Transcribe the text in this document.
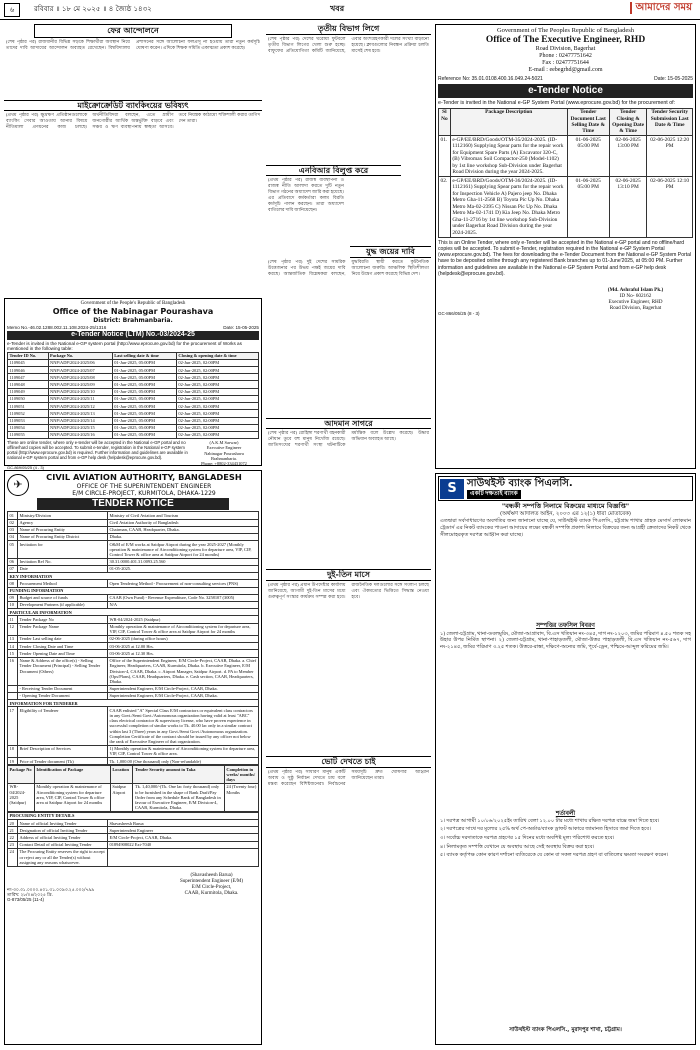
৬	রবিবার ॥ ১৮ মে ২০২৫ ॥ ৪ জ্যৈষ্ঠ ১৪৩২	খবর	আমাদের সময়
ফের আন্দোলনে
(শেষ পৃষ্ঠার পর) রাজধানীর বিভিন্ন সড়কে শিক্ষার্থীরা অবস্থান নিয়ে তাদের দাবি আদায়ের আন্দোলন অব্যাহত রেখেছেন। বিশ্ববিদ্যালয় প্রশাসনের সঙ্গে আলোচনা ফলপ্রসূ না হওয়ায় তারা নতুন কর্মসূচি ঘোষণা করেন। এদিকে শিক্ষক সমিতি একাত্মতা প্রকাশ করেছে।
মাইক্রোক্রেডিট ব্যাংকিংয়ের ভবিষ্যৎ
(প্রথম পৃষ্ঠার পর) ক্ষুদ্রঋণ প্রতিষ্ঠানগুলোকে ব্যাংকিং সেবার আওতায় আনার বিষয়ে নীতিমালা প্রণয়নের কাজ চলছে। অর্থনীতিবিদরা বলছেন, এতে গ্রামীণ জনগোষ্ঠীর আর্থিক অন্তর্ভুক্তি বাড়বে এবং সঞ্চয় ও ঋণ ব্যবস্থাপনায় স্বচ্ছতা আসবে। তবে নিয়ন্ত্রক কাঠামো শক্তিশালী করার তাগিদ দেন তারা।
Government of the People's Republic of Bangladesh
Office of the Nabinagar Pourashava
District: Brahmanbaria.
Memo No.-46.02.1288.002.11.108.2024-25/1316	Date: 15-05-2025
e-Tender Notice (LTM) No.-03/2024-25
e-Tender is invited in the National e-GP system portal (http://www.eprocure.gov.bd) for the procurement of Works as mentioned in the following table:
Tender ID No.	Package No.	Last selling date & time	Closing & opening date & time
1109045	NNP/ADP/2024-2025/06	01-Jun-2025, 05:00PM	02-Jun-2025, 02:00PM
1109046	NNP/ADP/2024-2025/07	01-Jun-2025, 05:00PM	02-Jun-2025, 02:00PM
1109047	NNP/ADP/2024-2025/08	01-Jun-2025, 05:00PM	02-Jun-2025, 02:00PM
1109048	NNP/ADP/2024-2025/09	01-Jun-2025, 05:00PM	02-Jun-2025, 02:00PM
1109049	NNP/ADP/2024-2025/10	01-Jun-2025, 05:00PM	02-Jun-2025, 02:00PM
1109050	NNP/ADP/2024-2025/11	01-Jun-2025, 05:00PM	02-Jun-2025, 02:00PM
1109051	NNP/ADP/2024-2025/12	01-Jun-2025, 05:00PM	02-Jun-2025, 02:00PM
1109052	NNP/ADP/2024-2025/13	01-Jun-2025, 05:00PM	02-Jun-2025, 02:00PM
1109053	NNP/ADP/2024-2025/14	01-Jun-2025, 05:00PM	02-Jun-2025, 02:00PM
1109054	NNP/ADP/2024-2025/15	01-Jun-2025, 05:00PM	02-Jun-2025, 02:00PM
1109055	NNP/ADP/2024-2025/16	01-Jun-2025, 05:00PM	02-Jun-2025, 02:00PM
These are online tender, where only e-tender will be accepted in the National e-GP portal and no offline/hard copies will be accepted. To submit e-tender, registration in the National e-GP system portal (http://www.eprocure.gov.bd) is required. Further information and guidelines are available in national e-GP system portal and from e-GP help desk (helpdesk@eprocure.gov.bd).
(A.K.M Sarwar)
Executive Engineer
Nabinagar Pourashava
Brahmanbaria.
Phone: +8802-334431072
GC-869/05/25 (4 - 3)
তৃতীয় বিভাগ লিগে
(শেষ পৃষ্ঠার পর) দেশের ঘরোয়া ফুটবলে তৃতীয় বিভাগ লিগের খেলা শুরু হচ্ছে। বাফুফের প্রতিযোগিতা কমিটি জানিয়েছে, এবার অংশগ্রহণকারী দলের সংখ্যা বাড়ানো হয়েছে। ক্লাবগুলোর নিবন্ধন প্রক্রিয়া চলতি মাসেই শেষ হবে।
এনবিআর বিলুপ্ত করে
(প্রথম পৃষ্ঠার পর) রাজস্ব ব্যবস্থাপনা ও রাজস্ব নীতি আলাদা করতে দুটি নতুন বিভাগ গঠনের অধ্যাদেশ জারি করা হয়েছে। এর প্রতিবাদে কর্মকর্তারা কলম বিরতি কর্মসূচি পালন করছেন। তারা অধ্যাদেশ বাতিলের দাবি জানিয়েছেন।
যুদ্ধ জয়ের দাবি
(শেষ পৃষ্ঠার পর) দুই দেশের সামরিক উত্তেজনার পর উভয় পক্ষই জয়ের দাবি করছে। আন্তর্জাতিক বিশ্লেষকরা বলছেন, যুদ্ধবিরতি স্থায়ী করতে কূটনৈতিক আলোচনা জরুরি। আঞ্চলিক স্থিতিশীলতা নিয়ে উদ্বেগ প্রকাশ করেছে বিভিন্ন দেশ।
আদমান সাগরে
(শেষ পৃষ্ঠার পর) রোহিঙ্গা শরণার্থী বহনকারী নৌযান ডুবে বহু মানুষ নিখোঁজ রয়েছে। জাতিসংঘের শরণার্থী সংস্থা ঘটনাটিকে মর্মান্তিক বলে উল্লেখ করেছে। উদ্ধার অভিযান অব্যাহত আছে।
দুই-তিন মাসে
(প্রথম পৃষ্ঠার পর) প্রধান উপদেষ্টার কার্যালয় জানিয়েছে, আগামী দুই-তিন মাসের মধ্যে গুরুত্বপূর্ণ সংস্কার কার্যক্রম সম্পন্ন করা হবে। রাজনৈতিক দলগুলোর সঙ্গে সংলাপ চলছে এবং ঐকমত্যের ভিত্তিতে সিদ্ধান্ত নেওয়া হবে।
ভোট দেখতে চাই
(প্রথম পৃষ্ঠার পর) সাধারণ মানুষ একটি অবাধ ও সুষ্ঠু নির্বাচন দেখতে চায় বলে মন্তব্য করেছেন বিশিষ্টজনেরা। নির্বাচনের সময়সূচি দ্রুত ঘোষণার আহ্বান জানিয়েছেন তারা।
Government of The Peoples Republic of Bangladesh
Office of The Executive Engineer, RHD
Road Division, Bagerhat
Phone : 02477751642
Fax : 02477751644
E-mail : eebegrhd@gmail.com
Reference No: 35.01.0108.400.16.049.24-5021	Date: 15-05-2025
e-Tender Notice
e-Tender is invited in the National e-GP System Portal (www.eprocure.gov.bd) for the procurement of:
Sl No	Package Description	Tender Document Last Selling Date & Time	Tender Closing & Opening Date & Time	Tender Security Submission Last Date & Time
01.	e-GP/EE/BRD/Goods/OTM-35/2024-2025. (ID-1112160) Supplying Spear parts for the repair work for Equipment Spare Parts (A) Excavator 320-C, (B) Vibromax Soil Compactor-250 (Model-1102) by 1st line workshop Sub-Division under Bagerhat Road Division during the year 2024-2025.	01-06-2025 05:00 PM	02-06-2025 13:00 PM	02-06-2025 12:20 PM
02.	e-GP/EE/BRD/Goods/OTM-36/2024-2025. (ID-1112161) Supplying Spear parts for the repair work for Inspection Vehicle A) Pajero jeep No. Dhaka Metro Gha-11-2568 B) Toyota Pic Up No. Dhaka Metro Ma-02-2395 C) Nissan Pic Up No. Dhaka Metro Ma-02-1741 D) Kia Jeep No. Dhaka Metro Gha-11-2716 by 1st line workshop Sub-Division under Bagerhat Road Division during the year 2024-2025.	01-06-2025 05:00 PM	02-06-2025 13:10 PM	02-06-2025 12:10 PM
This is an Online Tender, where only e-Tender will be accepted in the National e-GP portal and no offline/hard copies will be accepted. To submit e-Tender, registration required in the National e-GP System Portal (www.eprocure.gov.bd). The fees for downloading the e-Tender Document from the National e-GP System Portal have to be deposited online through any registered Bank branches up to 01-June'2025, at 05:00 PM. Further information and guidelines are available in the National e-GP System Portal and from e-GP help desk (helpdesk@eprocure.gov.bd).
(Md. Ashraful Islam Pk.)
ID No- 602162
Executive Engineer, RHD
Road Division, Bagerhat
GC-866/05/25 (8 - 3)
✈
CIVIL AVIATION AUTHORITY, BANGLADESH
OFFICE OF THE SUPERINTENDENT ENGINEER
E/M CIRCLE-PROJECT, KURMITOLA, DHAKA-1229
TENDER NOTICE
01	Ministry/Division	Ministry of Civil Aviation and Tourism
02	Agency	Civil Aviation Authority of Bangladesh
03	Name of Procuring Entity	Chairman, CAAB, Headquarter, Dhaka.
04	Name of Procuring Entity District	Dhaka.
05	Invitation for	O&M of E/M works at Saidpur Airport during the year 2025-2027 (Monthly operation & maintenance of Airconditioning system for departure area, VIP, CIP, Control Tower & office area at Saidpur Airport for 24 months)
06	Invitation Ref No.	30.31.0000.401.31.0093.25.560
07	Date	01-05-2025.
KEY INFORMATION		
08	Procurement Method	Open Tendering Method - Procurement of non-consulting services (PNS)
FUNDING INFORMATION		
09	Budget and source of funds	CAAB (Own Fund) - Revenue Expenditure, Code No. 3258107 (3005)
10	Development Partners (if applicable)	N/A
PARTICULAR INFORMATION		
11	Tender Package No	WR-04/2024-2025 (Saidpur)
12	Tender Package Name	Monthly operation & maintenance of Airconditioning system for departure area, VIP, CIP, Control Tower & office area at Saidpur Airport for 24 months
13	Tender Last selling date	02-06-2025 (during office hours)
14	Tender Closing Date and Time	03-06-2025 at 12.00 Hrs.
15	Tender Opening Date and Time	03-06-2025 at 12.30 Hrs.
16	Name & Address of the office(s) - Selling Tender Document (Principal) - Selling Tender Document (Others)	Office of the Superintendent Engineer, E/M Circle-Project, CAAB, Dhaka. a. Chief Engineer, Headquarters, CAAB, Kurmitola, Dhaka. b. Executive Engineer, E/M Division-4, CAAB, Dhaka. c. Airport Manager, Saidpur Airport. d. PA to Member (Ops/Plans), CAAB, Headquarters, Dhaka. e. Cash section, CAAB, Headquarters, Dhaka.
	- Receiving Tender Document	Superintendent Engineer, E/M Circle-Project, CAAB, Dhaka.
	- Opening Tender Document	Superintendent Engineer, E/M Circle-Project, CAAB, Dhaka.
INFORMATION FOR TENDERER		
17	Eligibility of Tenderer	CAAB enlisted "A" Special Class E/M contractors or equivalent class contractors in any Govt./Semi Govt./Autonomous organization having valid at least "ABC" class electrical contractor & supervisory license, who have proven experience in successful completion of similar works to Tk. 40.00 lac only in a similar contract within last 3 (Three) years in any Govt./Semi Govt./Autonomous organization. Completion Certificate of the contract should be issued by any officer not below the rank of Executive Engineer of that organization.
18	Brief Description of Services	1) Monthly operation & maintenance of Airconditioning system for departure area, VIP, CIP, Control Tower & office area.
19	Price of Tender document (Tk)	Tk. 1,000.00 (One thousand) only (Non-refundable)
Package No	Identification of Package	Location	Tender Security amount in Taka	Completion in weeks/ months/ days
WR-04/2024-2025 (Saidpur)	Monthly operation & maintenance of Airconditioning system for departure area, VIP, CIP, Control Tower & office area at Saidpur Airport for 24 months	Saidpur Airport	Tk. 1,40,000/-(Tk. One lac forty thousand) only to be furnished in the shape of Bank Draft/Pay Order from any Schedule Bank of Bangladesh in favour of Executive Engineer, E/M Division-4, CAAB, Kurmitola, Dhaka.	24 (Twenty four) Months
PROCURING ENTITY DETAILS		
20	Name of official Inviting Tender	Shavasheesh Barua
21	Designation of official Inviting Tender	Superintendent Engineer
22	Address of official Inviting Tender	E/M Circle-Project, CAAB, Dhaka.
23	Contact Detail of official Inviting Tender	01894908022 Ext-7040
24	The Procuring Entity reserves the right to accept or reject any or all the Tender(s) without assigning any reasons whatsoever.	
নং-৩০.৩১.০০০০.৪০১.৩১.০০৯৩.২৫.০০২/৭৯৯
তারিখ: ২৮/০৪/২০২৫ খ্রি.
G-873/05/25 (11-4)
(Shavasheesh Barua)
Superintendent Engineer (E/M)
E/M Circle-Project,
CAAB, Kurmitola, Dhaka.
S	সাউথইস্ট ব্যাংক পিএলসি.
একটি দক্ষতাই ব্যাংক
"বন্ধকী সম্পত্তি নিলামে বিক্রয়ের মাধ্যমে বিজ্ঞপ্তি"
(অর্থঋণ আদালত আইন, ২০০৩ এর ১২(১) ধারা মোতাবেক)
এতদ্বারা সর্বসাধারণের অবগতির জন্য জানানো যাচ্ছে যে, সাউথইস্ট ব্যাংক পিএলসি., চট্টগ্রাম শাখার গ্রাহক মেসার্স লোকমান ট্রেডার্স এর নিকট ব্যাংকের পাওনা আদায়ের লক্ষ্যে বন্ধকী সম্পত্তি প্রকাশ্য নিলামে বিক্রয়ের জন্য আগ্রহী ক্রেতাদের নিকট থেকে সীলমোহরকৃত দরপত্র আহ্বান করা যাচ্ছে।
সম্পত্তির তফসিল বিবরণ
১) জেলা-চট্টগ্রাম, থানা-ডবলমুরিং, মৌজা-আগ্রাবাদ, বি.এস খতিয়ান নং-৩৪৫, দাগ নং-১২০৩, জমির পরিমাণ ৪.৫০ শতক সহ উহার উপর নির্মিত স্থাপনা। ২) জেলা-চট্টগ্রাম, থানা-পাহাড়তলী, মৌজা-উত্তর পাহাড়তলী, বি.এস খতিয়ান নং-৫৬৭, দাগ নং-২১৪৫, জমির পরিমাণ ৩.২৫ শতক। উত্তরে-রাস্তা, দক্ষিণে-অন্যের জমি, পূর্বে-ড্রেন, পশ্চিমে-আব্দুল করিমের জমি।
শর্তাবলী
১। দরপত্র আগামী ১০/০৬/২০২৫ইং তারিখ বেলা ১২.০০ টার মধ্যে শাখায় রক্ষিত দরপত্র বাক্সে জমা দিতে হবে।
২। দরপত্রের সাথে দর মূল্যের ২৫% অর্থ পে-অর্ডার/ব্যাংক ড্রাফট আকারে জামানত হিসাবে জমা দিতে হবে।
৩। সর্বোচ্চ দরদাতাকে দরপত্র গ্রহণের ১৫ দিনের মধ্যে অবশিষ্ট মূল্য পরিশোধ করতে হবে।
৪। নিলামকৃত সম্পত্তি যেখানে যে অবস্থায় আছে সেই অবস্থায় বিক্রয় করা হবে।
৫। ব্যাংক কর্তৃপক্ষ কোন কারণ দর্শানো ব্যতিরেকে যে কোন বা সকল দরপত্র গ্রহণ বা বাতিলের ক্ষমতা সংরক্ষণ করেন।
সাউথইস্ট ব্যাংক পিএলসি., মুরাদপুর শাখা, চট্টগ্রাম।
